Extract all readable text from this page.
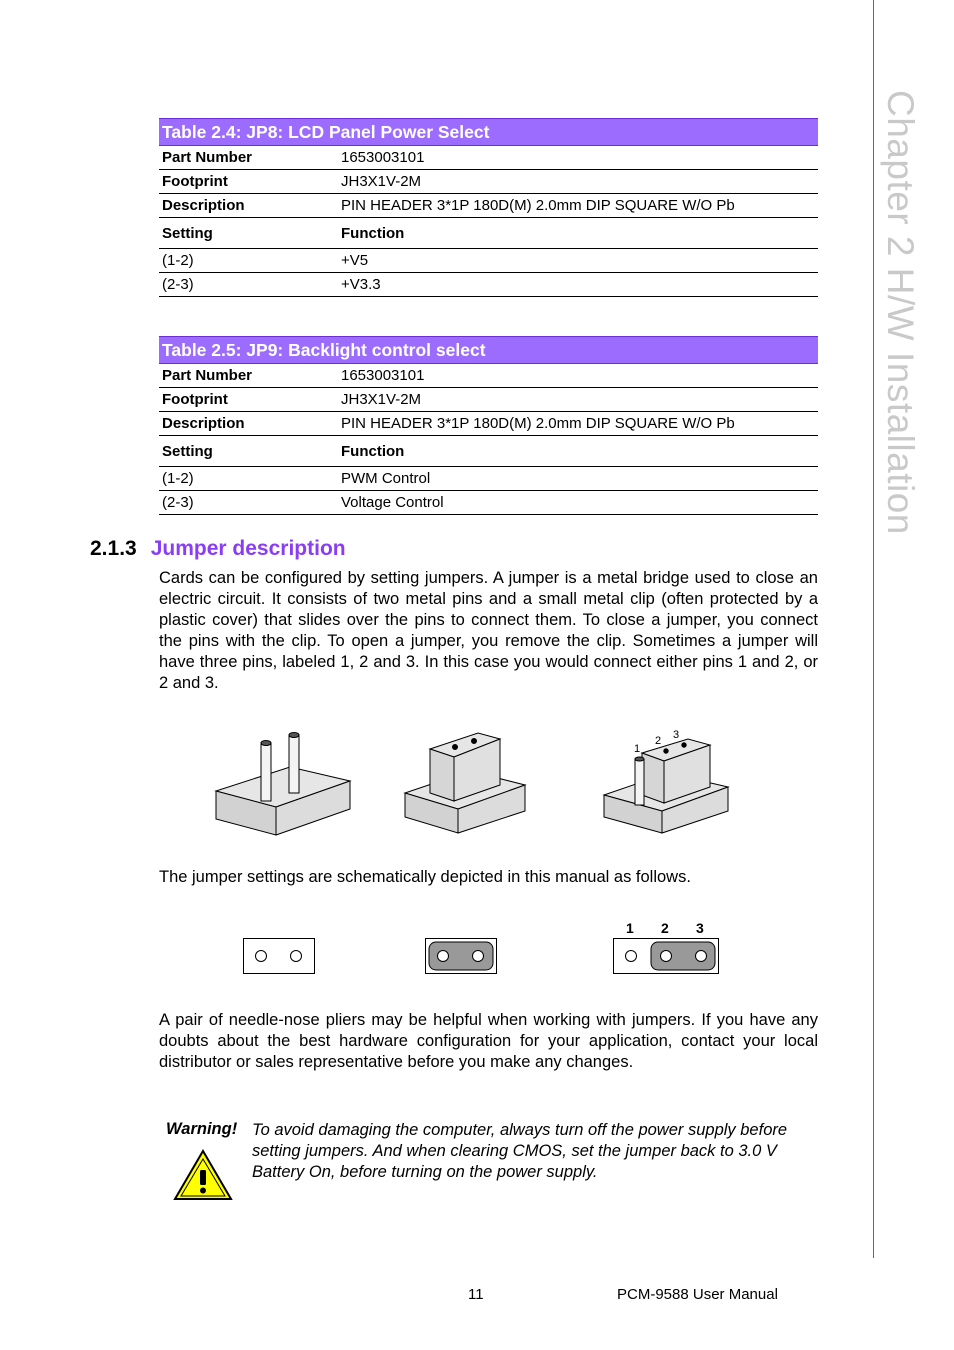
Chapter 2 H/W Installation
Table 2.4: JP8: LCD Panel Power Select	
Part Number	1653003101
Footprint	JH3X1V-2M
Description	PIN HEADER 3*1P 180D(M) 2.0mm DIP SQUARE W/O Pb
Setting	Function
(1-2)	+V5
(2-3)	+V3.3
Table 2.5: JP9: Backlight control select	
Part Number	1653003101
Footprint	JH3X1V-2M
Description	PIN HEADER 3*1P 180D(M) 2.0mm DIP SQUARE W/O Pb
Setting	Function
(1-2)	PWM Control
(2-3)	Voltage Control
2.1.3 Jumper description
Cards can be configured by setting jumpers. A jumper is a metal bridge used to close an electric circuit. It consists of two metal pins and a small metal clip (often protected by a plastic cover) that slides over the pins to connect them. To close a jumper, you connect the pins with the clip. To open a jumper, you remove the clip. Sometimes a jumper will have three pins, labeled 1, 2 and 3. In this case you would connect either pins 1 and 2, or 2 and 3.
1
2 3
The jumper settings are schematically depicted in this manual as follows.
1 2 3
A pair of needle-nose pliers may be helpful when working with jumpers. If you have any doubts about the best hardware configuration for your application, contact your local distributor or sales representative before you make any changes.
Warning! To avoid damaging the computer, always turn off the power supply before setting jumpers. And when clearing CMOS, set the jumper back to 3.0 V Battery On, before turning on the power supply.
11	PCM-9588 User Manual
